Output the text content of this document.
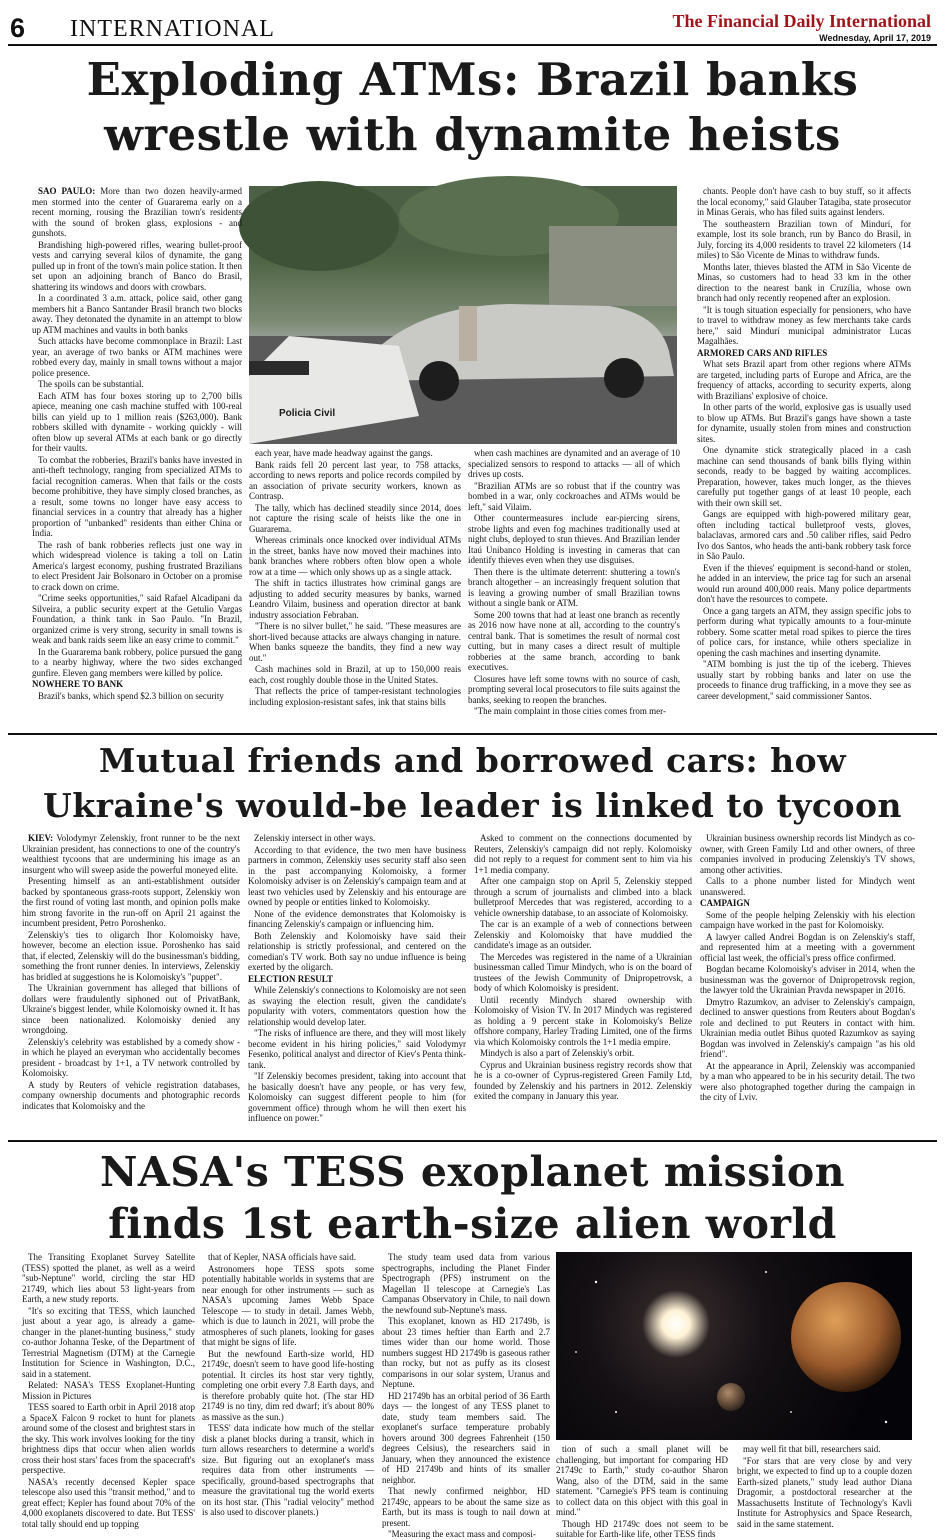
6 INTERNATIONAL	The Financial Daily International
Wednesday, April 17, 2019
Exploding ATMs: Brazil banks
wrestle with dynamite heists
Policia Civil

SAO PAULO: More than two dozen heavily-armed men stormed into the center of Guararema early on a recent morning, rousing the Brazilian town's residents with the sound of broken glass, explosions - and gunshots.

Brandishing high-powered rifles, wearing bullet-proof vests and carrying several kilos of dynamite, the gang pulled up in front of the town's main police station. It then set upon an adjoining branch of Banco do Brasil, shattering its windows and doors with crowbars.

In a coordinated 3 a.m. attack, police said, other gang members hit a Banco Santander Brasil branch two blocks away. They detonated the dynamite in an attempt to blow up ATM machines and vaults in both banks

Such attacks have become commonplace in Brazil: Last year, an average of two banks or ATM machines were robbed every day, mainly in small towns without a major police presence.

The spoils can be substantial.

Each ATM has four boxes storing up to 2,700 bills apiece, meaning one cash machine stuffed with 100-real bills can yield up to 1 million reais ($263,000). Bank robbers skilled with dynamite - working quickly - will often blow up several ATMs at each bank or go directly for their vaults.

To combat the robberies, Brazil's banks have invested in anti-theft technology, ranging from specialized ATMs to facial recognition cameras. When that fails or the costs become prohibitive, they have simply closed branches, as a result, some towns no longer have easy access to financial services in a country that already has a higher proportion of "unbanked" residents than either China or India.

The rash of bank robberies reflects just one way in which widespread violence is taking a toll on Latin America's largest economy, pushing frustrated Brazilians to elect President Jair Bolsonaro in October on a promise to crack down on crime.

"Crime seeks opportunities," said Rafael Alcadipani da Silveira, a public security expert at the Getulio Vargas Foundation, a think tank in Sao Paulo. "In Brazil, organized crime is very strong, security in small towns is weak and bank raids seem like an easy crime to commit."

In the Guararema bank robbery, police pursued the gang to a nearby highway, where the two sides exchanged gunfire. Eleven gang members were killed by police.

NOWHERE TO BANK

Brazil's banks, which spend $2.3 billion on security

each year, have made headway against the gangs.

Bank raids fell 20 percent last year, to 758 attacks, according to news reports and police records compiled by an association of private security workers, known as Contrasp.

The tally, which has declined steadily since 2014, does not capture the rising scale of heists like the one in Guararema.

Whereas criminals once knocked over individual ATMs in the street, banks have now moved their machines into bank branches where robbers often blow open a whole row at a time — which only shows up as a single attack.

The shift in tactics illustrates how criminal gangs are adjusting to added security measures by banks, warned Leandro Vilaim, business and operation director at bank industry association Febraban.

"There is no silver bullet," he said. "These measures are short-lived because attacks are always changing in nature. When banks squeeze the bandits, they find a new way out."

Cash machines sold in Brazil, at up to 150,000 reais each, cost roughly double those in the United States.

That reflects the price of tamper-resistant technologies including explosion-resistant safes, ink that stains bills

when cash machines are dynamited and an average of 10 specialized sensors to respond to attacks — all of which drives up costs.

"Brazilian ATMs are so robust that if the country was bombed in a war, only cockroaches and ATMs would be left," said Vilaim.

Other countermeasures include ear-piercing sirens, strobe lights and even fog machines traditionally used at night clubs, deployed to stun thieves. And Brazilian lender Itaú Unibanco Holding is investing in cameras that can identify thieves even when they use disguises.

Then there is the ultimate deterrent: shuttering a town's branch altogether – an increasingly frequent solution that is leaving a growing number of small Brazilian towns without a single bank or ATM.

Some 200 towns that had at least one branch as recently as 2016 now have none at all, according to the country's central bank. That is sometimes the result of normal cost cutting, but in many cases a direct result of multiple robberies at the same branch, according to bank executives.

Closures have left some towns with no source of cash, prompting several local prosecutors to file suits against the banks, seeking to reopen the branches.

"The main complaint in those cities comes from mer-

chants. People don't have cash to buy stuff, so it affects the local economy," said Glauber Tatagiba, state prosecutor in Minas Gerais, who has filed suits against lenders.

The southeastern Brazilian town of Mindurí, for example, lost its sole branch, run by Banco do Brasil, in July, forcing its 4,000 residents to travel 22 kilometers (14 miles) to São Vicente de Minas to withdraw funds.

Months later, thieves blasted the ATM in São Vicente de Minas, so customers had to head 33 km in the other direction to the nearest bank in Cruzília, whose own branch had only recently reopened after an explosion.

"It is tough situation especially for pensioners, who have to travel to withdraw money as few merchants take cards here," said Mindurí municipal administrator Lucas Magalhães.

ARMORED CARS AND RIFLES

What sets Brazil apart from other regions where ATMs are targeted, including parts of Europe and Africa, are the frequency of attacks, according to security experts, along with Brazilians' explosive of choice.

In other parts of the world, explosive gas is usually used to blow up ATMs. But Brazil's gangs have shown a taste for dynamite, usually stolen from mines and construction sites.

One dynamite stick strategically placed in a cash machine can send thousands of bank bills flying within seconds, ready to be bagged by waiting accomplices. Preparation, however, takes much longer, as the thieves carefully put together gangs of at least 10 people, each with their own skill set.

Gangs are equipped with high-powered military gear, often including tactical bulletproof vests, gloves, balaclavas, armored cars and .50 caliber rifles, said Pedro Ivo dos Santos, who heads the anti-bank robbery task force in São Paulo.

Even if the thieves' equipment is second-hand or stolen, he added in an interview, the price tag for such an arsenal would run around 400,000 reais. Many police departments don't have the resources to compete.

Once a gang targets an ATM, they assign specific jobs to perform during what typically amounts to a four-minute robbery. Some scatter metal road spikes to pierce the tires of police cars, for instance, while others specialize in opening the cash machines and inserting dynamite.

"ATM bombing is just the tip of the iceberg. Thieves usually start by robbing banks and later on use the proceeds to finance drug trafficking, in a move they see as career development," said commissioner Santos.

Mutual friends and borrowed cars: how
Ukraine's would-be leader is linked to tycoon

KIEV: Volodymyr Zelenskiy, front runner to be the next Ukrainian president, has connections to one of the country's wealthiest tycoons that are undermining his image as an insurgent who will sweep aside the powerful moneyed elite.

Presenting himself as an anti-establishment outsider backed by spontaneous grass-roots support, Zelenskiy won the first round of voting last month, and opinion polls make him strong favorite in the run-off on April 21 against the incumbent president, Petro Poroshenko.

Zelenskiy's ties to oligarch Ihor Kolomoisky have, however, become an election issue. Poroshenko has said that, if elected, Zelenskiy will do the businessman's bidding, something the front runner denies. In interviews, Zelenskiy has bridled at suggestions he is Kolomoisky's "puppet".

The Ukrainian government has alleged that billions of dollars were fraudulently siphoned out of PrivatBank, Ukraine's biggest lender, while Kolomoisky owned it. It has since been nationalized. Kolomoisky denied any wrongdoing.

Zelenskiy's celebrity was established by a comedy show - in which he played an everyman who accidentally becomes president - broadcast by 1+1, a TV network controlled by Kolomoisky.

A study by Reuters of vehicle registration databases, company ownership documents and photographic records indicates that Kolomoisky and the

Zelenskiy intersect in other ways.

According to that evidence, the two men have business partners in common, Zelenskiy uses security staff also seen in the past accompanying Kolomoisky, a former Kolomoisky adviser is on Zelenskiy's campaign team and at least two vehicles used by Zelenskiy and his entourage are owned by people or entities linked to Kolomoisky.

None of the evidence demonstrates that Kolomoisky is financing Zelenskiy's campaign or influencing him.

Both Zelenskiy and Kolomoisky have said their relationship is strictly professional, and centered on the comedian's TV work. Both say no undue influence is being exerted by the oligarch.

ELECTION RESULT

While Zelenskiy's connections to Kolomoisky are not seen as swaying the election result, given the candidate's popularity with voters, commentators question how the relationship would develop later.

"The risks of influence are there, and they will most likely become evident in his hiring policies," said Volodymyr Fesenko, political analyst and director of Kiev's Penta think-tank.

"If Zelenskiy becomes president, taking into account that he basically doesn't have any people, or has very few, Kolomoisky can suggest different people to him (for government office) through whom he will then exert his influence on power."

Asked to comment on the connections documented by Reuters, Zelenskiy's campaign did not reply. Kolomoisky did not reply to a request for comment sent to him via his 1+1 media company.

After one campaign stop on April 5, Zelenskiy stepped through a scrum of journalists and climbed into a black bulletproof Mercedes that was registered, according to a vehicle ownership database, to an associate of Kolomoisky.

The car is an example of a web of connections between Zelenskiy and Kolomoisky that have muddied the candidate's image as an outsider.

The Mercedes was registered in the name of a Ukrainian businessman called Timur Mindych, who is on the board of trustees of the Jewish Community of Dnipropetrovsk, a body of which Kolomoisky is president.

Until recently Mindych shared ownership with Kolomoisky of Vision TV. In 2017 Mindych was registered as holding a 9 percent stake in Kolomoisky's Belize offshore company, Harley Trading Limited, one of the firms via which Kolomoisky controls the 1+1 media empire.

Mindych is also a part of Zelenskiy's orbit.

Cyprus and Ukrainian business registry records show that he is a co-owner of Cyprus-registered Green Family Ltd, founded by Zelenskiy and his partners in 2012. Zelenskiy exited the company in January this year.

Ukrainian business ownership records list Mindych as co-owner, with Green Family Ltd and other owners, of three companies involved in producing Zelenskiy's TV shows, among other activities.

Calls to a phone number listed for Mindych went unanswered.

CAMPAIGN

Some of the people helping Zelenskiy with his election campaign have worked in the past for Kolomoisky.

A lawyer called Andrei Bogdan is on Zelenskiy's staff, and represented him at a meeting with a government official last week, the official's press office confirmed.

Bogdan became Kolomoisky's adviser in 2014, when the businessman was the governor of Dnipropetrovsk region, the lawyer told the Ukrainian Pravda newspaper in 2016.

Dmytro Razumkov, an adviser to Zelenskiy's campaign, declined to answer questions from Reuters about Bogdan's role and declined to put Reuters in contact with him. Ukrainian media outlet Bihus quoted Razumkov as saying Bogdan was involved in Zelenskiy's campaign "as his old friend".

At the appearance in April, Zelenskiy was accompanied by a man who appeared to be in his security detail. The two were also photographed together during the campaign in the city of Lviv.

NASA's TESS exoplanet mission
finds 1st earth-size alien world

The Transiting Exoplanet Survey Satellite (TESS) spotted the planet, as well as a weird "sub-Neptune" world, circling the star HD 21749, which lies about 53 light-years from Earth, a new study reports.

"It's so exciting that TESS, which launched just about a year ago, is already a game-changer in the planet-hunting business," study co-author Johanna Teske, of the Department of Terrestrial Magnetism (DTM) at the Carnegie Institution for Science in Washington, D.C., said in a statement.

Related: NASA's TESS Exoplanet-Hunting Mission in Pictures

TESS soared to Earth orbit in April 2018 atop a SpaceX Falcon 9 rocket to hunt for planets around some of the closest and brightest stars in the sky. This work involves looking for the tiny brightness dips that occur when alien worlds cross their host stars' faces from the spacecraft's perspective.

NASA's recently decensed Kepler space telescope also used this "transit method," and to great effect; Kepler has found about 70% of the 4,000 exoplanets discovered to date. But TESS' total tally should end up topping

that of Kepler, NASA officials have said.

Astronomers hope TESS spots some potentially habitable worlds in systems that are near enough for other instruments — such as NASA's upcoming James Webb Space Telescope — to study in detail. James Webb, which is due to launch in 2021, will probe the atmospheres of such planets, looking for gases that might be signs of life.

But the newfound Earth-size world, HD 21749c, doesn't seem to have good life-hosting potential. It circles its host star very tightly, completing one orbit every 7.8 Earth days, and is therefore probably quite hot. (The star HD 21749 is no tiny, dim red dwarf; it's about 80% as massive as the sun.)

TESS' data indicate how much of the stellar disk a planet blocks during a transit, which in turn allows researchers to determine a world's size. But figuring out an exoplanet's mass requires data from other instruments — specifically, ground-based spectrographs that measure the gravitational tug the world exerts on its host star. (This "radial velocity" method is also used to discover planets.)

The study team used data from various spectrographs, including the Planet Finder Spectrograph (PFS) instrument on the Magellan II telescope at Carnegie's Las Campanas Observatory in Chile, to nail down the newfound sub-Neptune's mass.

This exoplanet, known as HD 21749b, is about 23 times heftier than Earth and 2.7 times wider than our home world. Those numbers suggest HD 21749b is gaseous rather than rocky, but not as puffy as its closest comparisons in our solar system, Uranus and Neptune.

HD 21749b has an orbital period of 36 Earth days — the longest of any TESS planet to date, study team members said. The exoplanet's surface temperature probably hovers around 300 degrees Fahrenheit (150 degrees Celsius), the researchers said in January, when they announced the existence of HD 21749b and hints of its smaller neighbor.

That newly confirmed neighbor, HD 21749c, appears to be about the same size as Earth, but its mass is tough to nail down at present.

"Measuring the exact mass and composi-

tion of such a small planet will be challenging, but important for comparing HD 21749c to Earth," study co-author Sharon Wang, also of the DTM, said in the same statement. "Carnegie's PFS team is continuing to collect data on this object with this goal in mind."

Though HD 21749c does not seem to be suitable for Earth-like life, other TESS finds

may well fit that bill, researchers said.

"For stars that are very close by and very bright, we expected to find up to a couple dozen Earth-sized planets," study lead author Diana Dragomir, a postdoctoral researcher at the Massachusetts Institute of Technology's Kavli Institute for Astrophysics and Space Research, said in the same statement.
